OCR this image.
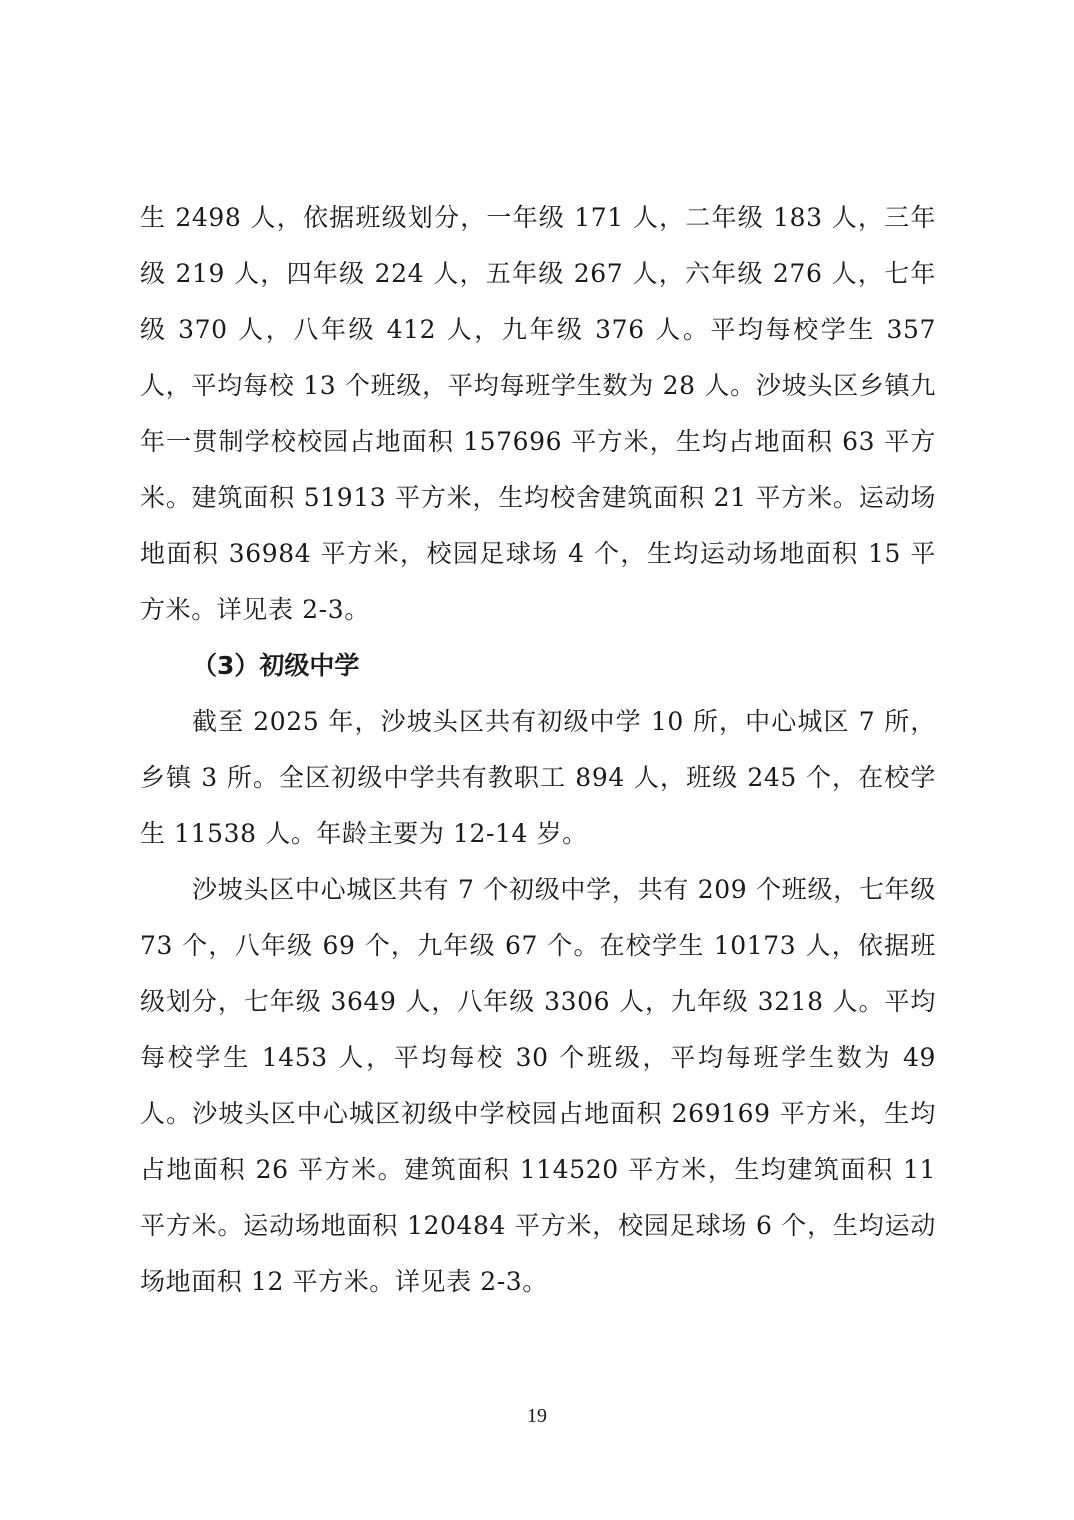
生 2498 人，依据班级划分，一年级 171 人，二年级 183 人，三年级 219 人，四年级 224 人，五年级 267 人，六年级 276 人，七年级 370 人，八年级 412 人，九年级 376 人。平均每校学生 357 人，平均每校 13 个班级，平均每班学生数为 28 人。沙坡头区乡镇九年一贯制学校校园占地面积 157696 平方米，生均占地面积 63 平方米。建筑面积 51913 平方米，生均校舍建筑面积 21 平方米。运动场地面积 36984 平方米，校园足球场 4 个，生均运动场地面积 15 平方米。详见表 2-3。

（3）初级中学

截至 2025 年，沙坡头区共有初级中学 10 所，中心城区 7 所，乡镇 3 所。全区初级中学共有教职工 894 人，班级 245 个，在校学生 11538 人。年龄主要为 12-14 岁。

沙坡头区中心城区共有 7 个初级中学，共有 209 个班级，七年级 73 个，八年级 69 个，九年级 67 个。在校学生 10173 人，依据班级划分，七年级 3649 人，八年级 3306 人，九年级 3218 人。平均每校学生 1453 人，平均每校 30 个班级，平均每班学生数为 49 人。沙坡头区中心城区初级中学校园占地面积 269169 平方米，生均占地面积 26 平方米。建筑面积 114520 平方米，生均建筑面积 11 平方米。运动场地面积 120484 平方米，校园足球场 6 个，生均运动场地面积 12 平方米。详见表 2-3。

19
